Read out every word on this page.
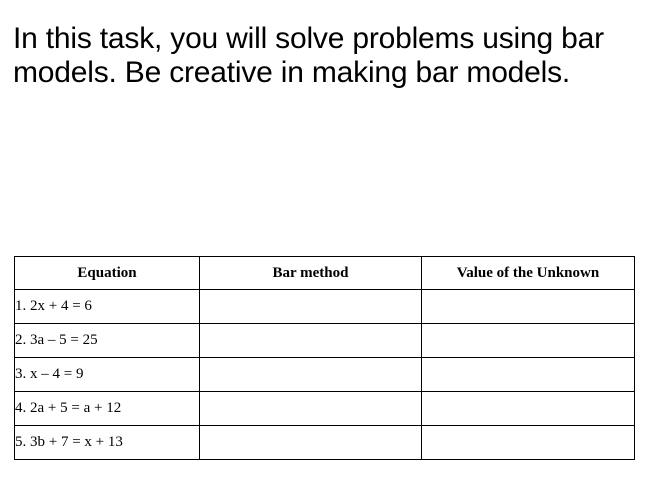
In this task, you will solve problems using bar models. Be creative in making bar models.
Equation	Bar method	Value of the Unknown
1. 2x + 4 = 6		
2. 3a – 5 = 25		
3. x – 4 = 9		
4. 2a + 5 = a + 12		
5. 3b + 7 = x + 13		
